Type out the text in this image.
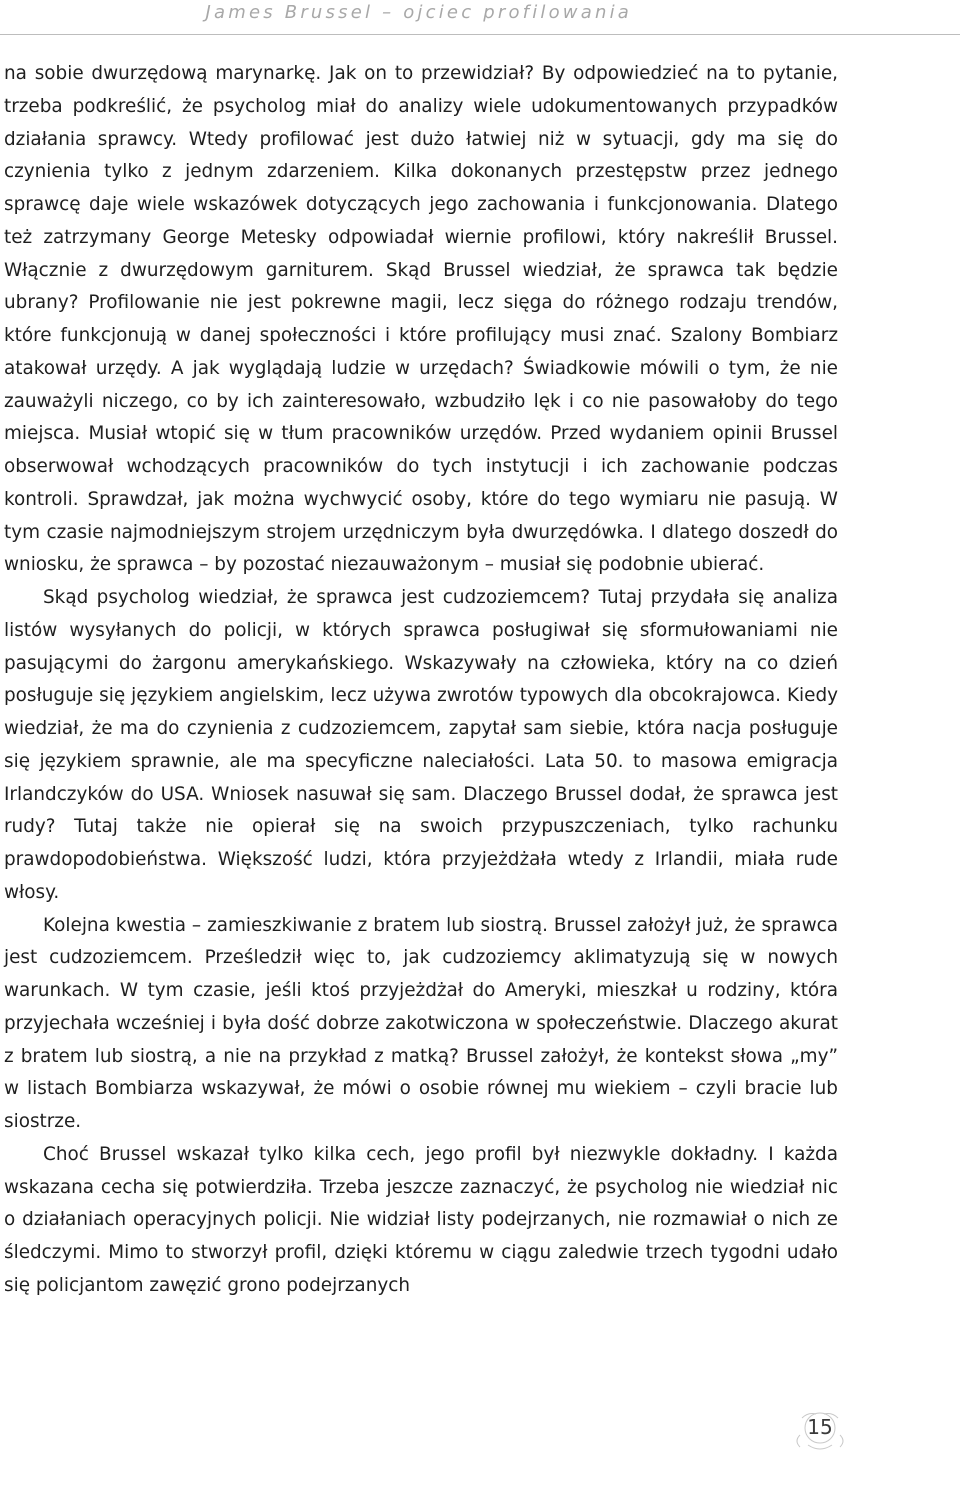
James Brussel – ojciec profilowania

na sobie dwurzędową marynarkę. Jak on to przewidział? By odpowiedzieć na to pytanie, trzeba podkreślić, że psycholog miał do analizy wiele udokumentowanych przypadków działania sprawcy. Wtedy profilować jest dużo łatwiej niż w sytuacji, gdy ma się do czynienia tylko z jednym zdarzeniem. Kilka dokonanych przestępstw przez jednego sprawcę daje wiele wskazówek dotyczących jego zachowania i funkcjonowania. Dlatego też zatrzymany George Metesky odpowiadał wiernie profilowi, który nakreślił Brussel. Włącznie z dwurzędowym garniturem. Skąd Brussel wiedział, że sprawca tak będzie ubrany? Profilowanie nie jest pokrewne magii, lecz sięga do różnego rodzaju trendów, które funkcjonują w danej społeczności i które profilujący musi znać. Szalony Bombiarz atakował urzędy. A jak wyglądają ludzie w urzędach? Świadkowie mówili o tym, że nie zauważyli niczego, co by ich zainteresowało, wzbudziło lęk i co nie pasowałoby do tego miejsca. Musiał wtopić się w tłum pracowników urzędów. Przed wydaniem opinii Brussel obserwował wchodzących pracowników do tych instytucji i ich zachowanie podczas kontroli. Sprawdzał, jak można wychwycić osoby, które do tego wymiaru nie pasują. W tym czasie najmodniejszym strojem urzędniczym była dwurzędówka. I dlatego doszedł do wniosku, że sprawca – by pozostać niezauważonym – musiał się podobnie ubierać.

Skąd psycholog wiedział, że sprawca jest cudzoziemcem? Tutaj przydała się analiza listów wysyłanych do policji, w których sprawca posługiwał się sformułowaniami nie pasującymi do żargonu amerykańskiego. Wskazywały na człowieka, który na co dzień posługuje się językiem angielskim, lecz używa zwrotów typowych dla obcokrajowca. Kiedy wiedział, że ma do czynienia z cudzoziemcem, zapytał sam siebie, która nacja posługuje się językiem sprawnie, ale ma specyficzne naleciałości. Lata 50. to masowa emigracja Irlandczyków do USA. Wniosek nasuwał się sam. Dlaczego Brussel dodał, że sprawca jest rudy? Tutaj także nie opierał się na swoich przypuszczeniach, tylko rachunku prawdopodobieństwa. Większość ludzi, która przyjeżdżała wtedy z Irlandii, miała rude włosy.

Kolejna kwestia – zamieszkiwanie z bratem lub siostrą. Brussel założył już, że sprawca jest cudzoziemcem. Prześledził więc to, jak cudzoziemcy aklimatyzują się w nowych warunkach. W tym czasie, jeśli ktoś przyjeżdżał do Ameryki, mieszkał u rodziny, która przyjechała wcześniej i była dość dobrze zakotwiczona w społeczeństwie. Dlaczego akurat z bratem lub siostrą, a nie na przykład z matką? Brussel założył, że kontekst słowa „my” w listach Bombiarza wskazywał, że mówi o osobie równej mu wiekiem – czyli bracie lub siostrze.

Choć Brussel wskazał tylko kilka cech, jego profil był niezwykle dokładny. I każda wskazana cecha się potwierdziła. Trzeba jeszcze zaznaczyć, że psycholog nie wiedział nic o działaniach operacyjnych policji. Nie widział listy podejrzanych, nie rozmawiał o nich ze śledczymi. Mimo to stworzył profil, dzięki któremu w ciągu zaledwie trzech tygodni udało się policjantom zawęzić grono podejrzanych

15
